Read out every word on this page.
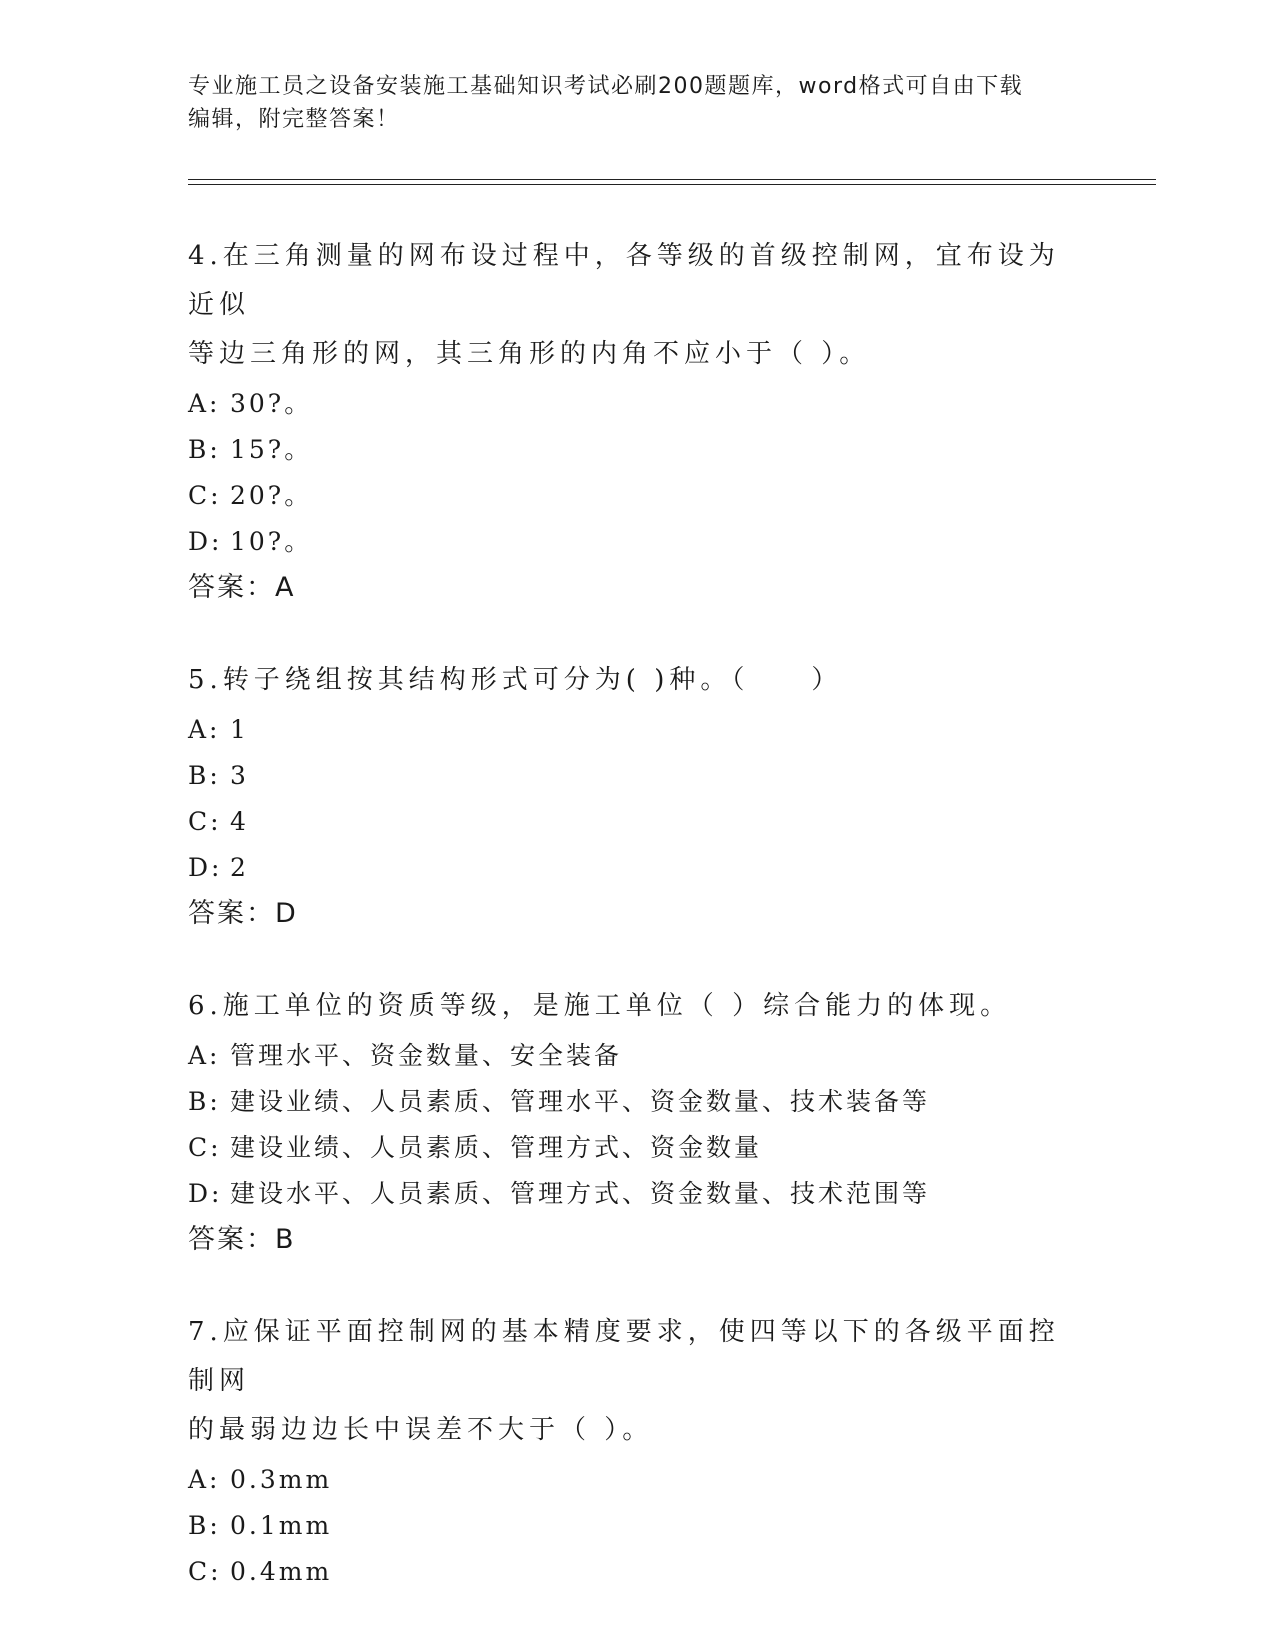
专业施工员之设备安装施工基础知识考试必刷200题题库，word格式可自由下载
编辑，附完整答案！
4.在三角测量的网布设过程中，各等级的首级控制网，宜布设为近似
等边三角形的网，其三角形的内角不应小于（ ）。
A: 30?。
B: 15?。
C: 20?。
D: 10?。
答案：A
5.转子绕组按其结构形式可分为( )种。（　　）
A: 1
B: 3
C: 4
D: 2
答案：D
6.施工单位的资质等级，是施工单位（ ）综合能力的体现。
A: 管理水平、资金数量、安全装备
B: 建设业绩、人员素质、管理水平、资金数量、技术装备等
C: 建设业绩、人员素质、管理方式、资金数量
D: 建设水平、人员素质、管理方式、资金数量、技术范围等
答案：B
7.应保证平面控制网的基本精度要求，使四等以下的各级平面控制网
的最弱边边长中误差不大于（ ）。
A: 0.3mm
B: 0.1mm
C: 0.4mm
